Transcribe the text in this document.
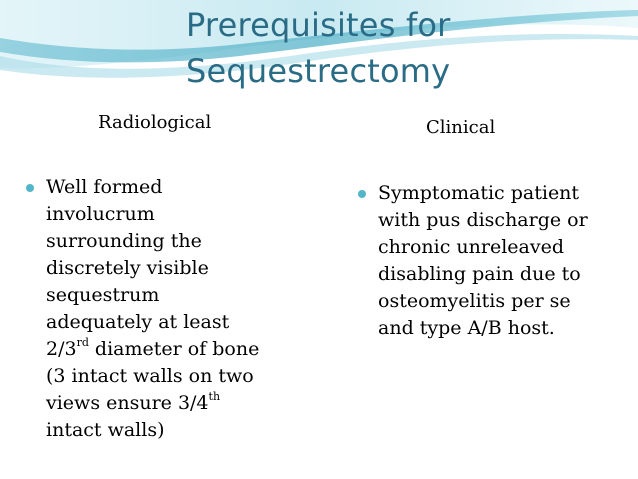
Prerequisites for
Sequestrectomy
Radiological	Clinical
Well formed
involucrum
surrounding the
discretely visible
sequestrum
adequately at least
2/3rd diameter of bone
(3 intact walls on two
views ensure 3/4th
intact walls)
Symptomatic patient
with pus discharge or
chronic unreleaved
disabling pain due to
osteomyelitis per se
and type A/B host.
